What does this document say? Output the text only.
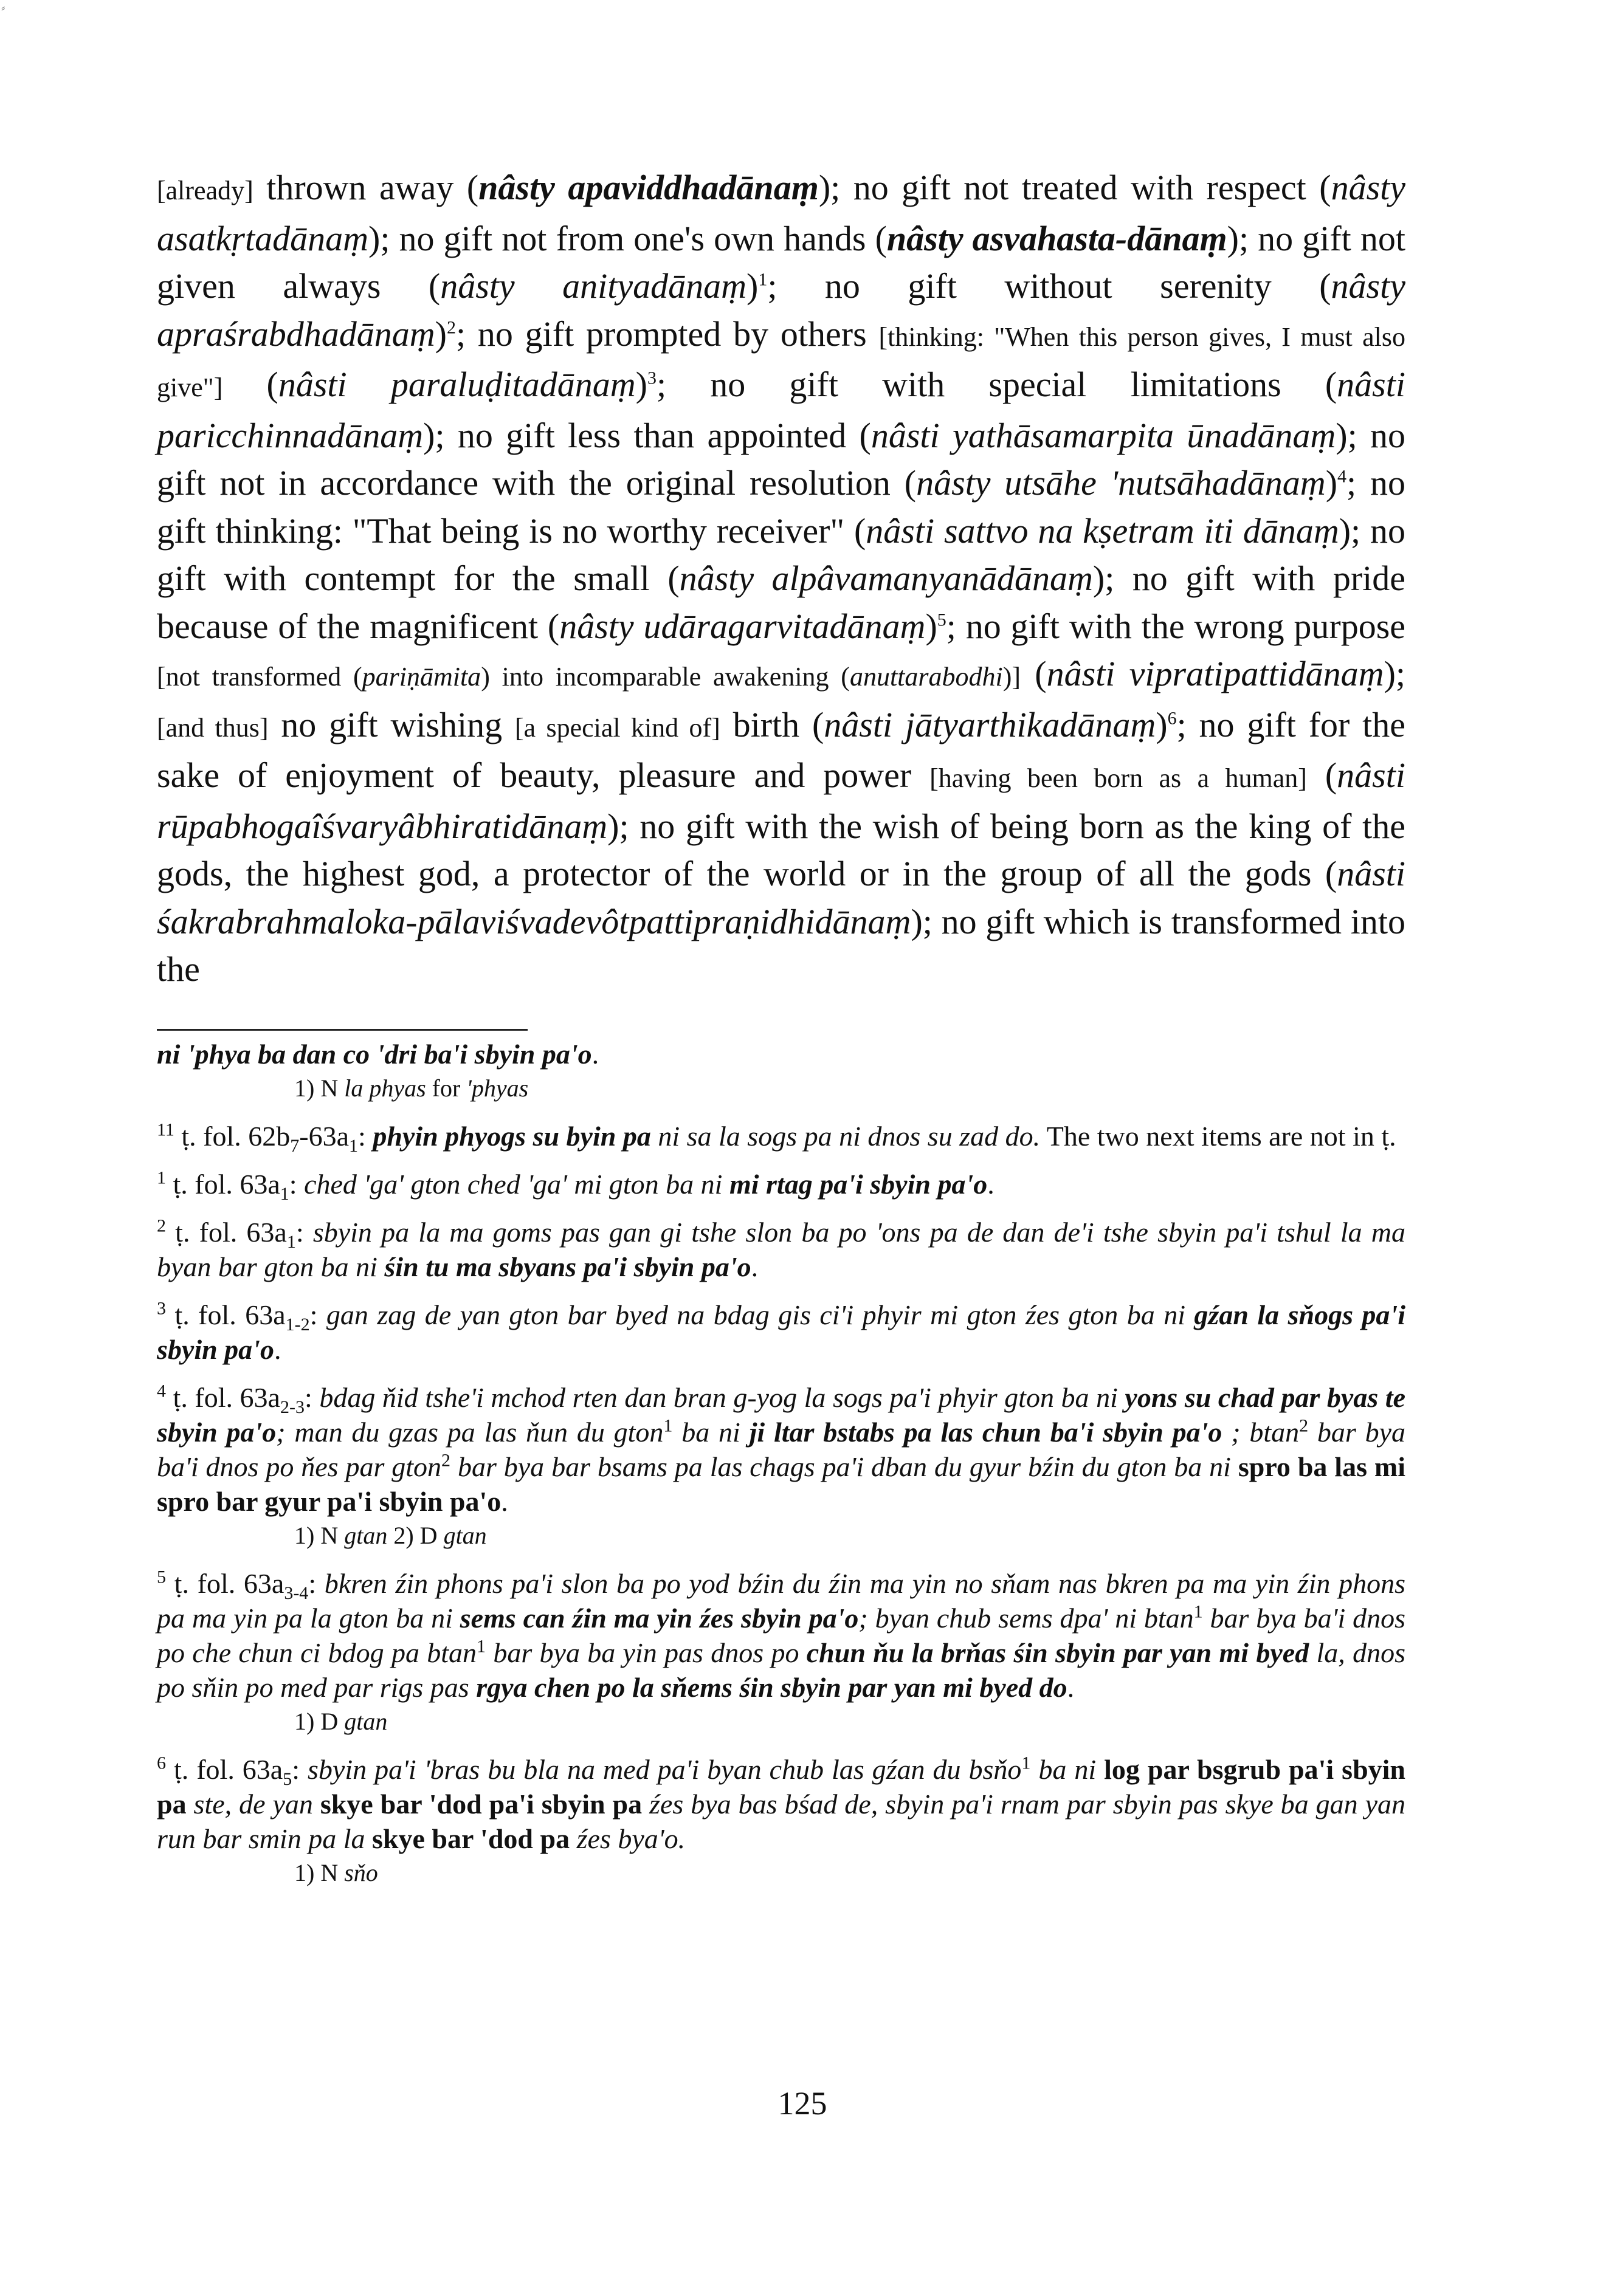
⸗
[already] thrown away (nâsty apaviddhadānaṃ); no gift not treated with respect (nâsty asatkṛtadānaṃ); no gift not from one's own hands (nâsty asvahasta-dānaṃ); no gift not given always (nâsty anityadānaṃ)$^1$; no gift without serenity (nâsty apraśrabdhadānaṃ)$^2$; no gift prompted by others [thinking: "When this person gives, I must also give"] (nâsti paraluḍitadānaṃ)$^3$; no gift with special limitations (nâsti paricchinnadānaṃ); no gift less than appointed (nâsti yathāsamarpita ūnadānaṃ); no gift not in accordance with the original resolution (nâsty utsāhe 'nutsāhadānaṃ)$^4$; no gift thinking: "That being is no worthy receiver" (nâsti sattvo na kṣetram iti dānaṃ); no gift with contempt for the small (nâsty alpâvamanyanādānaṃ); no gift with pride because of the magnificent (nâsty udāragarvitadānaṃ)$^5$; no gift with the wrong purpose [not transformed (pariṇāmita) into incomparable awakening (anuttarabodhi)] (nâsti vipratipattidānaṃ); [and thus] no gift wishing [a special kind of] birth (nâsti jātyarthikadānaṃ)$^6$; no gift for the sake of enjoyment of beauty, pleasure and power [having been born as a human] (nâsti rūpabhogaîśvaryâbhiratidānaṃ); no gift with the wish of being born as the king of the gods, the highest god, a protector of the world or in the group of all the gods (nâsti śakrabrahmaloka-pālaviśvadevôtpattipraṇidhidānaṃ); no gift which is transformed into the
ni 'phya ba dan co 'dri ba'i sbyin pa'o.
1) N la phyas for 'phyas
$^{11}$ ṭ. fol. $62b_7-63a_1$: phyin phyogs su byin pa ni sa la sogs pa ni dnos su zad do. The two next items are not in ṭ.
$^1$ ṭ. fol. $63a_1$: ched 'ga' gton ched 'ga' mi gton ba ni mi rtag pa'i sbyin pa'o.
$^2$ ṭ. fol. $63a_1$: sbyin pa la ma goms pas gan gi tshe slon ba po 'ons pa de dan de'i tshe sbyin pa'i tshul la ma byan bar gton ba ni śin tu ma sbyans pa'i sbyin pa'o.
$^3$ ṭ. fol. $63a_{1-2}$: gan zag de yan gton bar byed na bdag gis ci'i phyir mi gton źes gton ba ni gźan la sňogs pa'i sbyin pa'o.
$^4$ ṭ. fol. $63a_{2-3}$: bdag ňid tshe'i mchod rten dan bran g-yog la sogs pa'i phyir gton ba ni yons su chad par byas te sbyin pa'o; man du gzas pa las ňun du gton$^1$ ba ni ji ltar bstabs pa las chun ba'i sbyin pa'o ; btan$^2$ bar bya ba'i dnos po ňes par gton$^2$ bar bya bar bsams pa las chags pa'i dban du gyur bźin du gton ba ni spro ba las mi spro bar gyur pa'i sbyin pa'o.
1) N gtan 2) D gtan
$^5$ ṭ. fol. $63a_{3-4}$: bkren źin phons pa'i slon ba po yod bźin du źin ma yin no sňam nas bkren pa ma yin źin phons pa ma yin pa la gton ba ni sems can źin ma yin źes sbyin pa'o; byan chub sems dpa' ni btan$^1$ bar bya ba'i dnos po che chun ci bdog pa btan$^1$ bar bya ba yin pas dnos po chun ňu la brňas śin sbyin par yan mi byed la, dnos po sňin po med par rigs pas rgya chen po la sňems śin sbyin par yan mi byed do.
1) D gtan
$^6$ ṭ. fol. $63a_5$: sbyin pa'i 'bras bu bla na med pa'i byan chub las gźan du bsňo$^1$ ba ni log par bsgrub pa'i sbyin pa ste, de yan skye bar 'dod pa'i sbyin pa źes bya bas bśad de, sbyin pa'i rnam par sbyin pas skye ba gan yan run bar smin pa la skye bar 'dod pa źes bya'o.
1) N sňo
125
